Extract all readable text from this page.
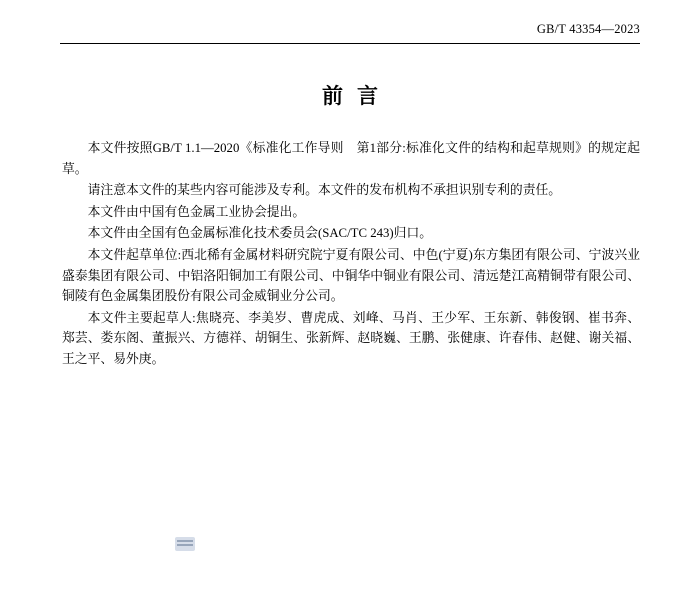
GB/T 43354—2023
前言

本文件按照GB/T 1.1—2020《标准化工作导则　第1部分:标准化文件的结构和起草规则》的规定起草。

请注意本文件的某些内容可能涉及专利。本文件的发布机构不承担识别专利的责任。

本文件由中国有色金属工业协会提出。

本文件由全国有色金属标准化技术委员会(SAC/TC 243)归口。

本文件起草单位:西北稀有金属材料研究院宁夏有限公司、中色(宁夏)东方集团有限公司、宁波兴业盛泰集团有限公司、中铝洛阳铜加工有限公司、中铜华中铜业有限公司、清远楚江高精铜带有限公司、铜陵有色金属集团股份有限公司金威铜业分公司。

本文件主要起草人:焦晓亮、李美岁、曹虎成、刘峰、马肖、王少军、王东新、韩俊钢、崔书奔、郑芸、娄东阁、董振兴、方德祥、胡铜生、张新辉、赵晓巍、王鹏、张健康、许春伟、赵健、谢关福、王之平、易外庚。
